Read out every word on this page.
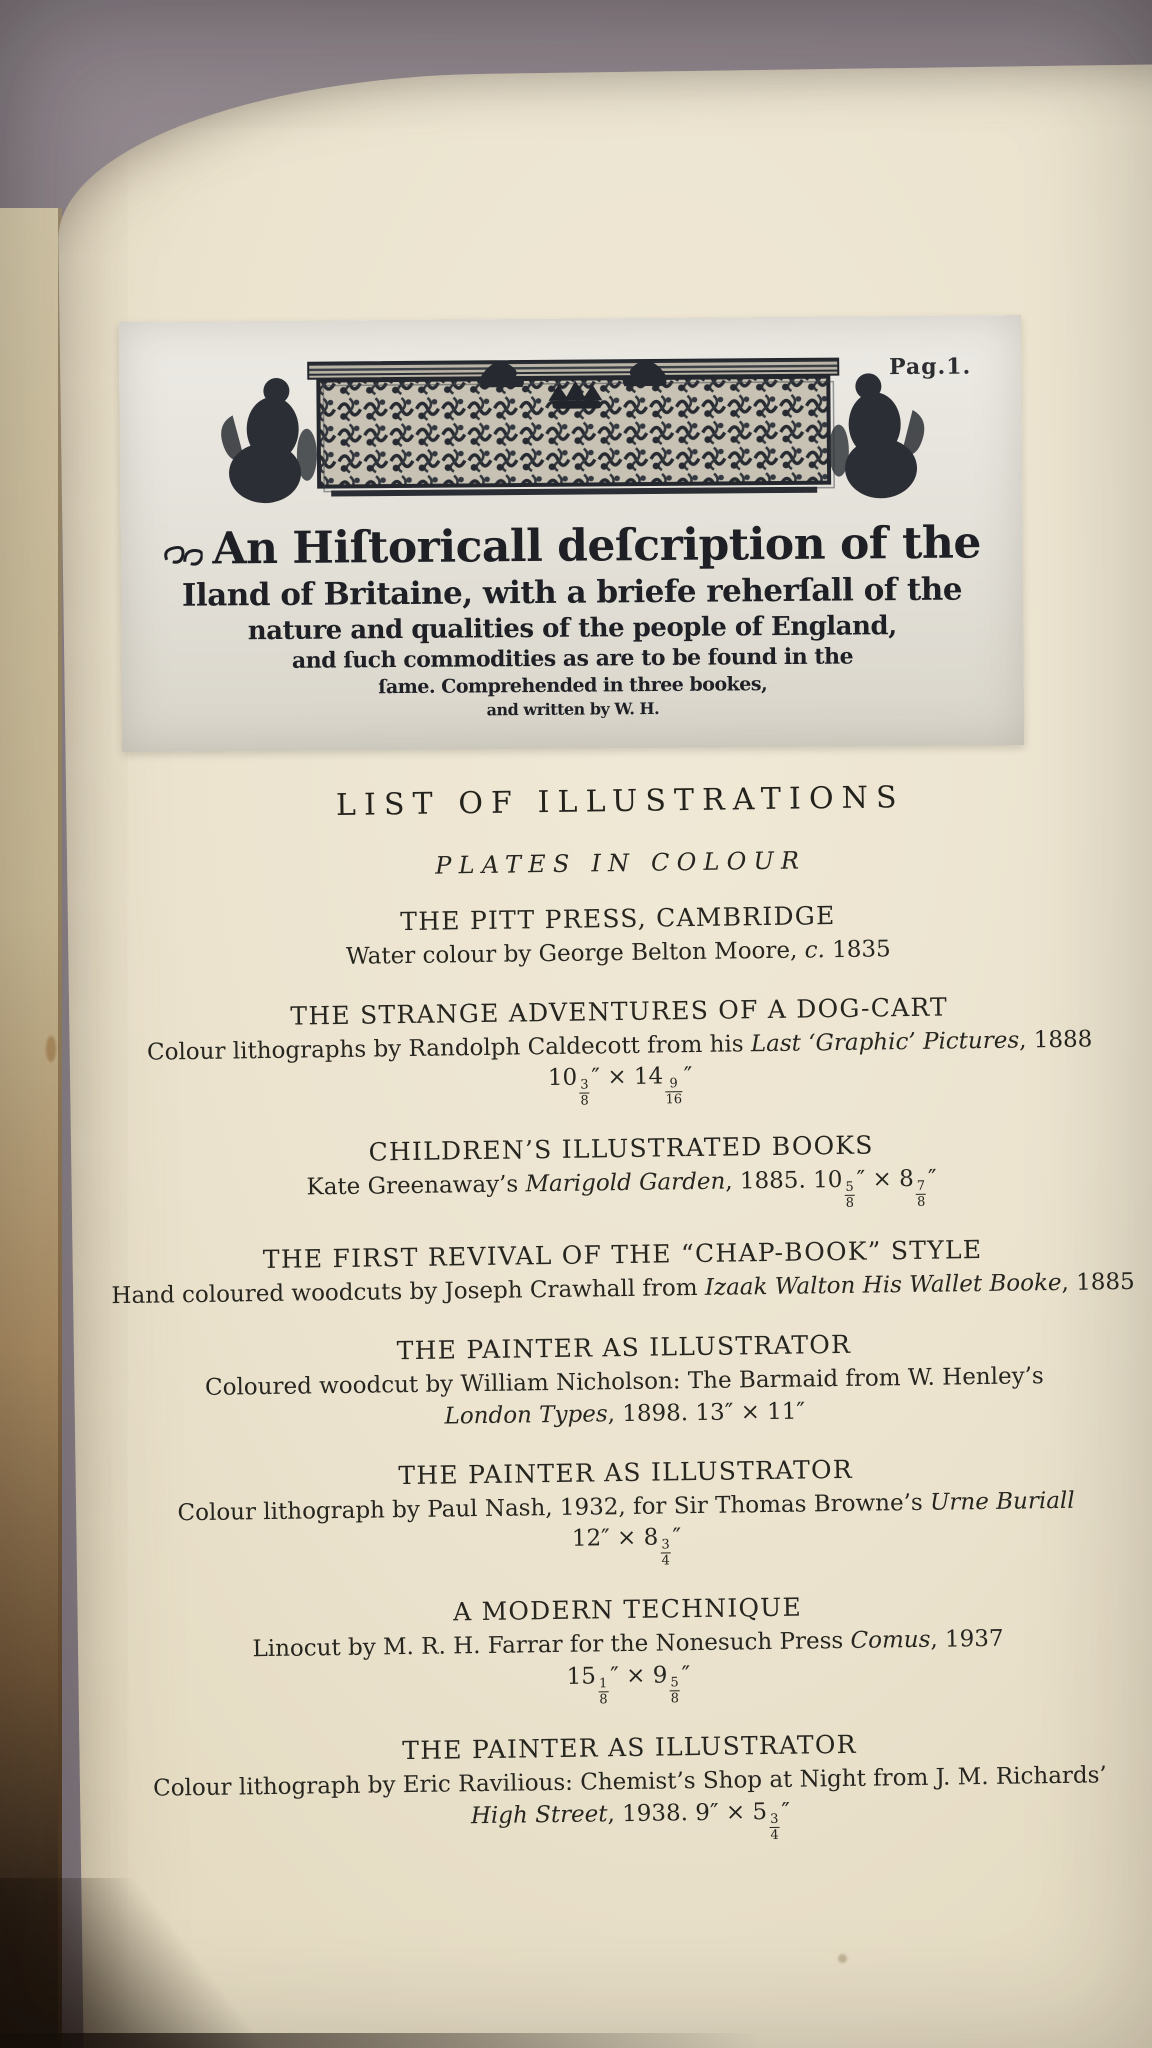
Pag.1.
An Hiſtoricall deſcription of the
Iland of Britaine, with a briefe reherſall of the
nature and qualities of the people of England,
and ſuch commodities as are to be found in the
ſame. Comprehended in three bookes,
and written by W. H.
LIST OF ILLUSTRATIONS
PLATES IN COLOUR
THE PITT PRESS, CAMBRIDGE
Water colour by George Belton Moore, c. 1835
THE STRANGE ADVENTURES OF A DOG-CART
Colour lithographs by Randolph Caldecott from his Last ‘Graphic’ Pictures, 1888
10
$\frac{3}{8}$
″ × 14
$\frac{9}{16}$
″
CHILDREN’S ILLUSTRATED BOOKS
Kate Greenaway’s Marigold Garden, 1885. 10
$\frac{5}{8}$
″ × 8
$\frac{7}{8}$
″
THE FIRST REVIVAL OF THE “CHAP-BOOK” STYLE
Hand coloured woodcuts by Joseph Crawhall from Izaak Walton His Wallet Booke, 1885
THE PAINTER AS ILLUSTRATOR
Coloured woodcut by William Nicholson: The Barmaid from W. Henley’s
London Types, 1898. 13″ × 11″
THE PAINTER AS ILLUSTRATOR
Colour lithograph by Paul Nash, 1932, for Sir Thomas Browne’s Urne Buriall
12″ × 8
$\frac{3}{4}$
″
A MODERN TECHNIQUE
Linocut by M. R. H. Farrar for the Nonesuch Press Comus, 1937
15
$\frac{1}{8}$
″ × 9
$\frac{5}{8}$
″
THE PAINTER AS ILLUSTRATOR
Colour lithograph by Eric Ravilious: Chemist’s Shop at Night from J. M. Richards’
High Street, 1938. $9'' \times 5 \frac{3}{4}$
″
